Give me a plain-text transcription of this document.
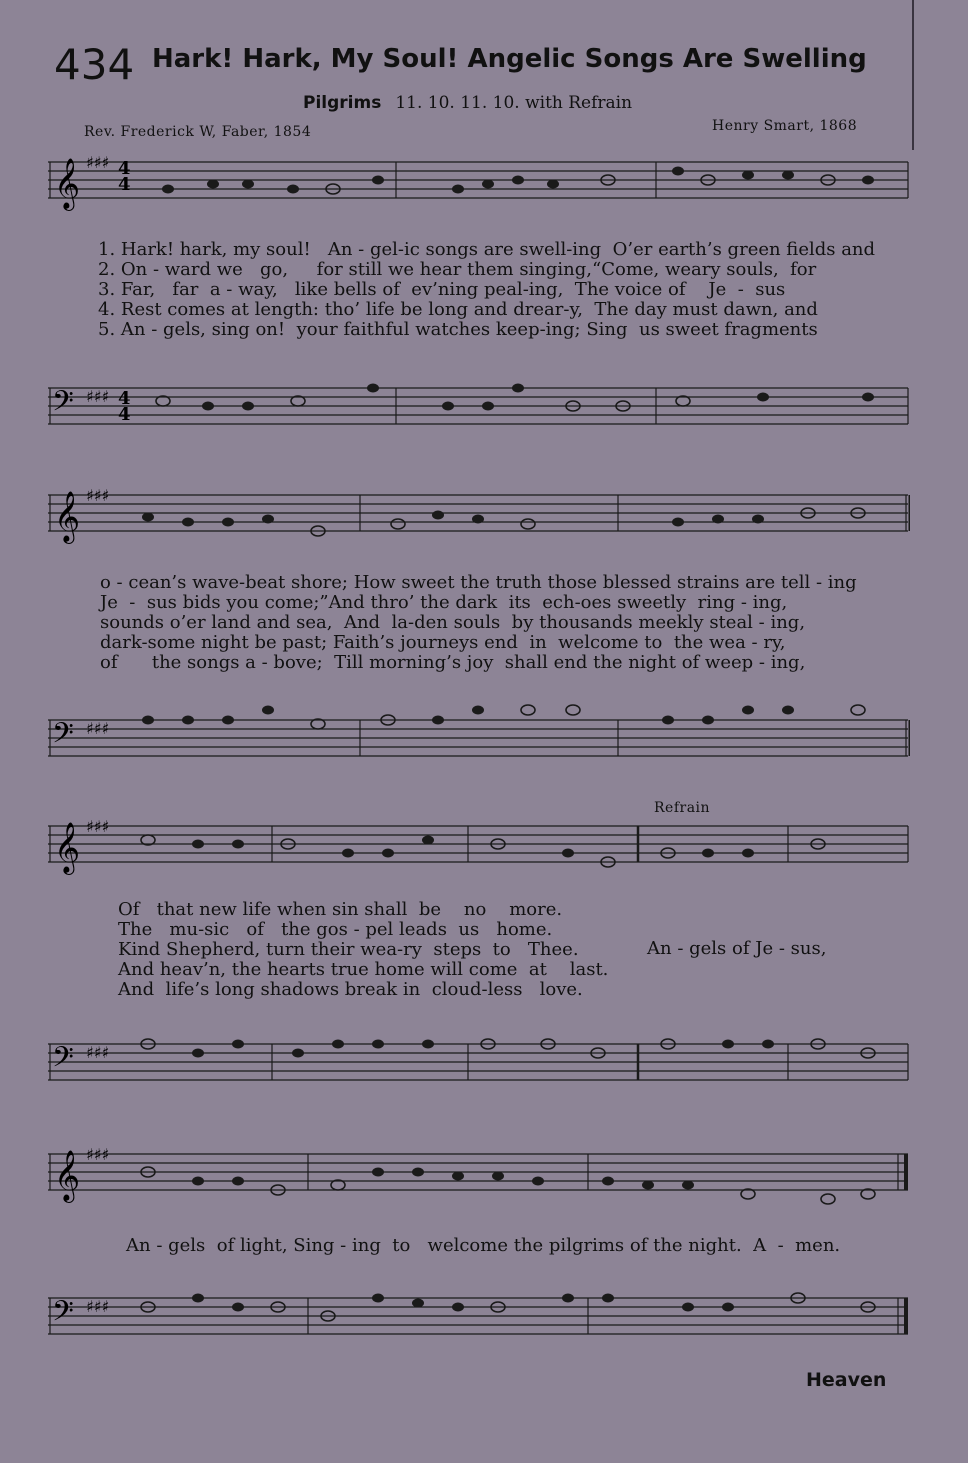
434 Hark! Hark, My Soul! Angelic Songs Are Swelling
Pilgrims 11. 10. 11. 10. with Refrain
Rev. Frederick W, Faber, 1854	Henry Smart, 1868
𝄞 ♯♯♯ 4
4
1. Hark! hark, my soul!   An - gel-ic songs are swell-ing  O’er earth’s green fields and
2. On - ward we   go,     for still we hear them singing,“Come, weary souls,  for
3. Far,   far  a - way,   like bells of  ev’ning peal-ing,  The voice of    Je  -  sus
4. Rest comes at length: tho’ life be long and drear-y,  The day must dawn, and
5. An - gels, sing on!  your faithful watches keep-ing; Sing  us sweet fragments
𝄢 ♯♯♯ 4
4
𝄞 ♯♯♯
o - cean’s wave-beat shore; How sweet the truth those blessed strains are tell - ing
Je  -  sus bids you come;”And thro’ the dark  its  ech-oes sweetly  ring - ing,
sounds o’er land and sea,  And  la-den souls  by thousands meekly steal - ing,
dark-some night be past; Faith’s journeys end  in  welcome to  the wea - ry,
of      the songs a - bove;  Till morning’s joy  shall end the night of weep - ing,
𝄢 ♯♯♯
𝄞 ♯♯♯
Refrain
Of   that new life when sin shall  be    no    more.
The   mu-sic   of   the gos - pel leads  us   home.
Kind Shepherd, turn their wea-ry  steps  to   Thee.
And heav’n, the hearts true home will come  at    last.
And  life’s long shadows break in  cloud-less   love.
An - gels of Je - sus,
𝄢 ♯♯♯
𝄞 ♯♯♯
An - gels  of light, Sing - ing  to   welcome the pilgrims of the night.  A  -  men.
𝄢 ♯♯♯
Heaven
